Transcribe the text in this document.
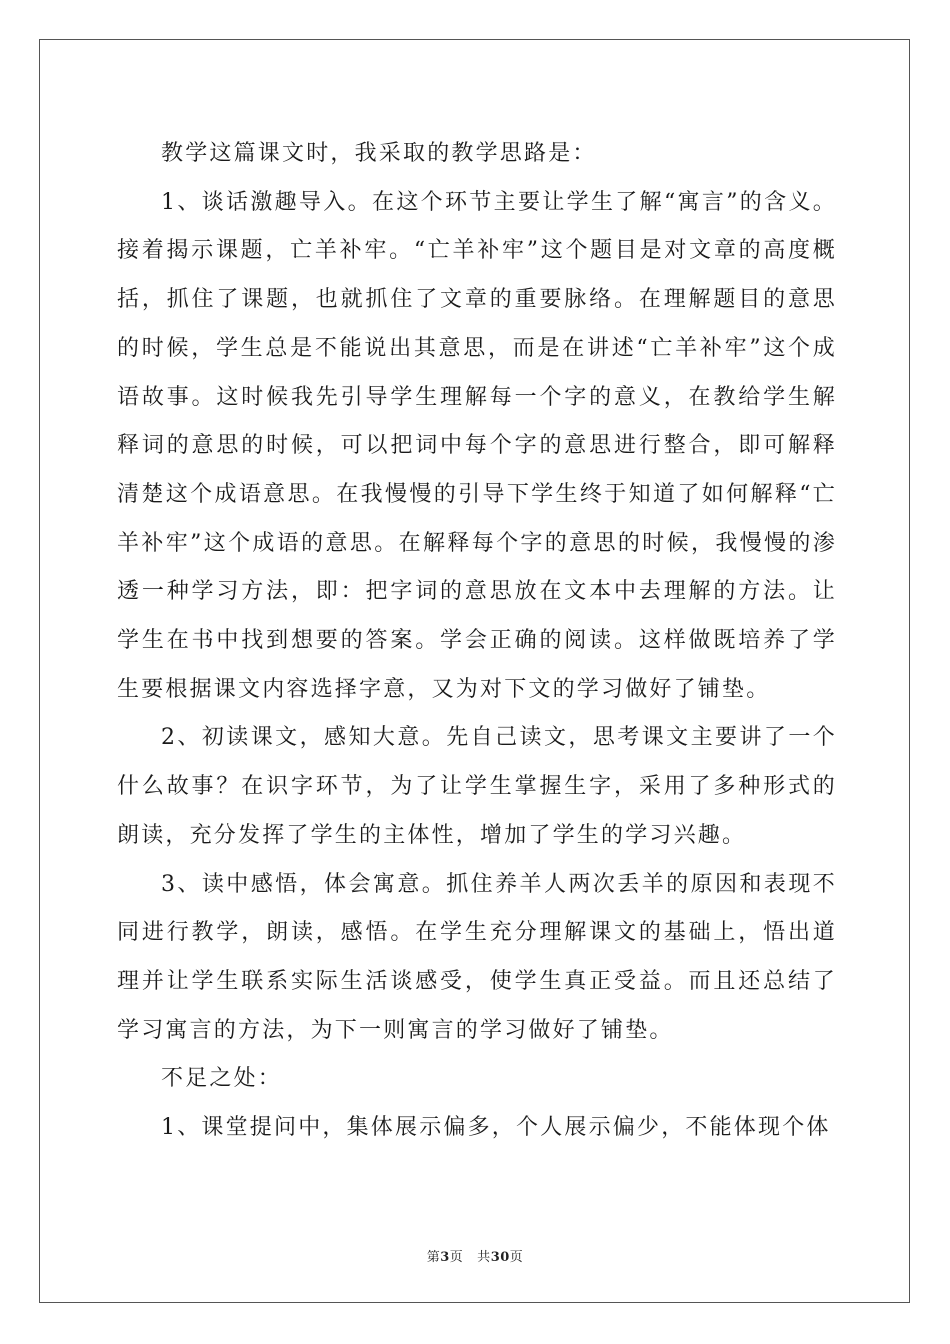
教学这篇课文时，我采取的教学思路是：

1、谈话激趣导入。在这个环节主要让学生了解“寓言”的含义。接着揭示课题，亡羊补牢。“亡羊补牢”这个题目是对文章的高度概括，抓住了课题，也就抓住了文章的重要脉络。在理解题目的意思的时候，学生总是不能说出其意思，而是在讲述“亡羊补牢”这个成语故事。这时候我先引导学生理解每一个字的意义，在教给学生解释词的意思的时候，可以把词中每个字的意思进行整合，即可解释清楚这个成语意思。在我慢慢的引导下学生终于知道了如何解释“亡羊补牢”这个成语的意思。在解释每个字的意思的时候，我慢慢的渗透一种学习方法，即：把字词的意思放在文本中去理解的方法。让学生在书中找到想要的答案。学会正确的阅读。这样做既培养了学生要根据课文内容选择字意，又为对下文的学习做好了铺垫。

2、初读课文，感知大意。先自己读文，思考课文主要讲了一个什么故事？在识字环节，为了让学生掌握生字，采用了多种形式的朗读，充分发挥了学生的主体性，增加了学生的学习兴趣。

3、读中感悟，体会寓意。抓住养羊人两次丢羊的原因和表现不同进行教学，朗读，感悟。在学生充分理解课文的基础上，悟出道理并让学生联系实际生活谈感受，使学生真正受益。而且还总结了学习寓言的方法，为下一则寓言的学习做好了铺垫。

不足之处：

1、课堂提问中，集体展示偏多，个人展示偏少，不能体现个体

第3页 共30页
